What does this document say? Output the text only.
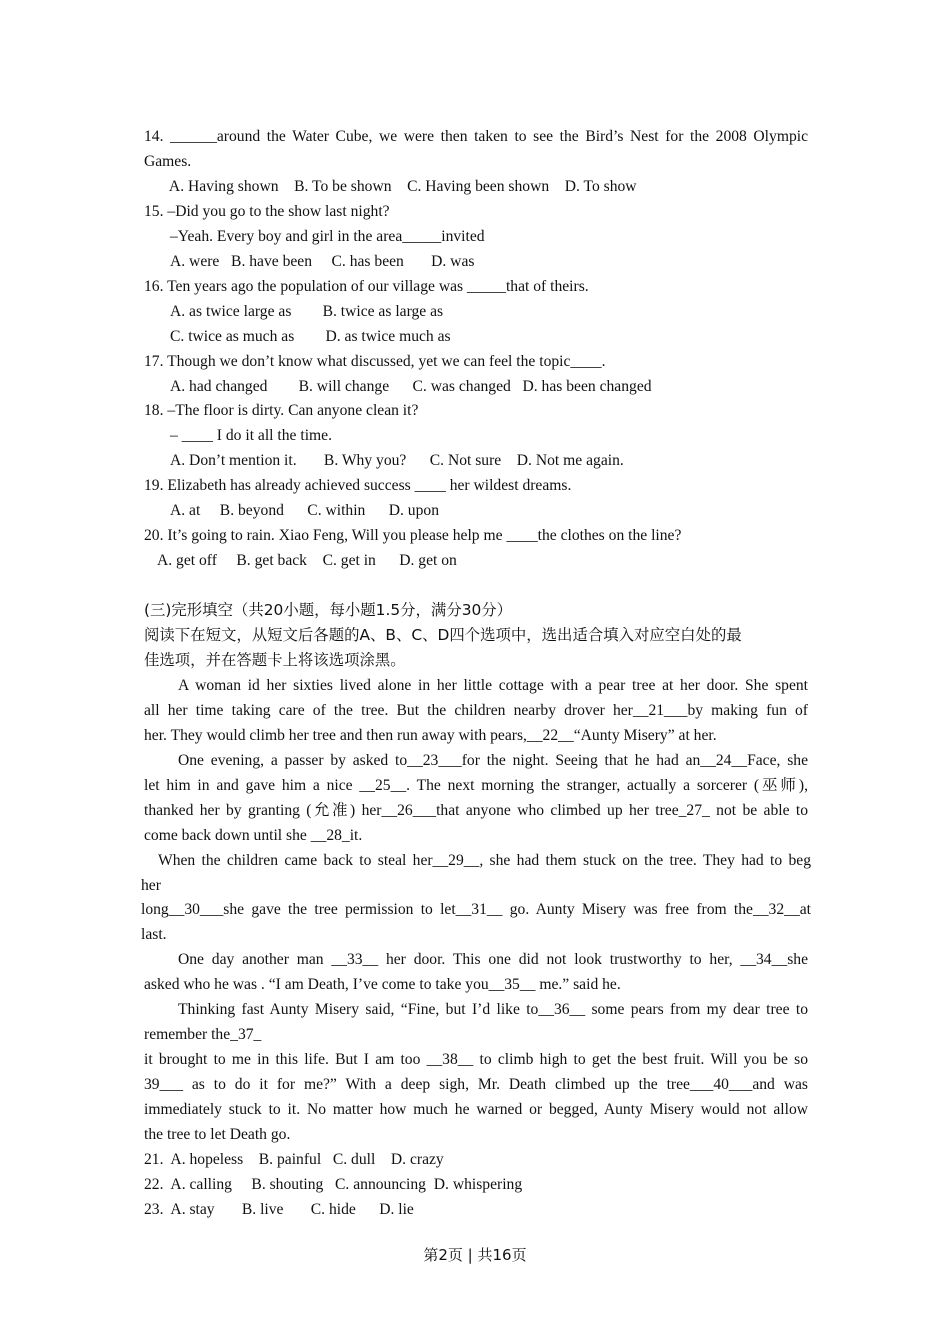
14. ______around the Water Cube, we were then taken to see the Bird’s Nest for the 2008 Olympic
Games.
A. Having shown    B. To be shown    C. Having been shown    D. To show
15. –Did you go to the show last night?
–Yeah. Every boy and girl in the area_____invited
A. were   B. have been     C. has been       D. was
16. Ten years ago the population of our village was _____that of theirs.
A. as twice large as        B. twice as large as
C. twice as much as        D. as twice much as
17. Though we don’t know what discussed, yet we can feel the topic____.
A. had changed        B. will change      C. was changed   D. has been changed
18. –The floor is dirty. Can anyone clean it?
– ____ I do it all the time.
A. Don’t mention it.       B. Why you?      C. Not sure    D. Not me again.
19. Elizabeth has already achieved success ____ her wildest dreams.
A. at     B. beyond      C. within      D. upon
20. It’s going to rain. Xiao Feng, Will you please help me ____the clothes on the line?
A. get off     B. get back    C. get in      D. get on
(三)完形填空（共20小题，每小题1.5分，满分30分）
阅读下在短文，从短文后各题的A、B、C、D四个选项中，选出适合填入对应空白处的最
佳选项，并在答题卡上将该选项涂黑。
A woman id her sixties lived alone in her little cottage with a pear tree at her door. She spent
all her time taking care of the tree. But the children nearby drover her__21___by making fun of
her. They would climb her tree and then run away with pears,__22__“Aunty Misery” at her.
One evening, a passer by asked to__23___for the night. Seeing that he had an__24__Face, she
let him in and gave him a nice __25__. The next morning the stranger, actually a sorcerer (巫师),
thanked her by granting (允准) her__26___that anyone who climbed up her tree_27_ not be able to
come back down until she __28_it.
When the children came back to steal her__29__, she had them stuck on the tree. They had to beg
her
long__30___she gave the tree permission to let__31__ go. Aunty Misery was free from the__32__at
last.
One day another man __33__ her door. This one did not look trustworthy to her, __34__she
asked who he was . “I am Death, I’ve come to take you__35__ me.” said he.
Thinking fast Aunty Misery said, “Fine, but I’d like to__36__ some pears from my dear tree to
remember the_37_
it brought to me in this life. But I am too __38__ to climb high to get the best fruit. Will you be so
39___ as to do it for me?” With a deep sigh, Mr. Death climbed up the tree___40___and was
immediately stuck to it. No matter how much he warned or begged, Aunty Misery would not allow
the tree to let Death go.
21.  A. hopeless    B. painful   C. dull    D. crazy
22.  A. calling     B. shouting   C. announcing  D. whispering
23.  A. stay       B. live       C. hide      D. lie
第2页 | 共16页
